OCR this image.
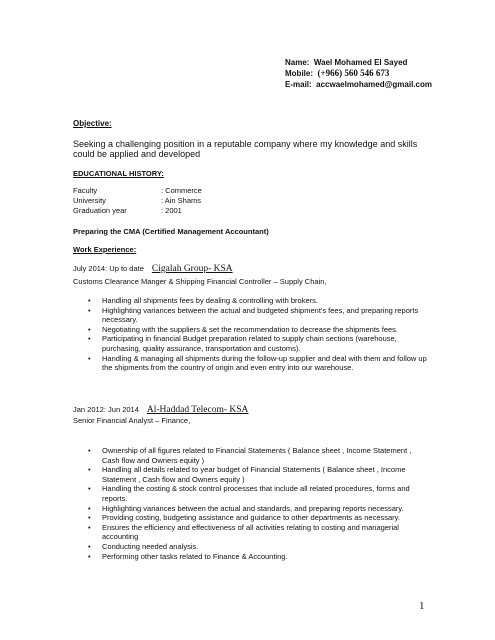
Name: Wael Mohamed El Sayed
Mobile: (+966) 560 546 673
E-mail: accwaelmohamed@gmail.com
Objective:
Seeking a challenging position in a reputable company where my knowledge and skills could be applied and developed
EDUCATIONAL HISTORY:
Faculty	: Commerce
University	: Ain Shams
Graduation year	: 2001
Preparing the CMA (Certified Management Accountant)
Work Experience:
July 2014: Up to date Cigalah Group- KSA
Customs Clearance Manger & Shipping Financial Controller – Supply Chain,
• Handling all shipments fees by dealing & controlling with brokers.
• Highlighting variances between the actual and budgeted shipment's fees, and preparing reports necessary.
• Negotiating with the suppliers & set the recommendation to decrease the shipments fees.
• Participating in financial Budget preparation related to supply chain sections (warehouse, purchasing, quality assurance, transportation and customs).
• Handling & managing all shipments during the follow-up supplier and deal with them and follow up the shipments from the country of origin and even entry into our warehouse.
Jan 2012: Jun 2014 Al-Haddad Telecom- KSA
Senior Financial Analyst – Finance,
• Ownership of all figures related to Financial Statements ( Balance sheet , Income Statement , Cash flow and Owners equity )
• Handling all details related to year budget of Financial Statements ( Balance sheet , Income Statement , Cash flow and Owners equity )
• Handling the costing & stock control processes that include all related procedures, forms and reports.
• Highlighting variances between the actual and standards, and preparing reports necessary.
• Providing costing, budgeting assistance and guidance to other departments as necessary.
• Ensures the efficiency and effectiveness of all activities relating to costing and managerial accounting
• Conducting needed analysis.
• Performing other tasks related to Finance & Accounting.
1
